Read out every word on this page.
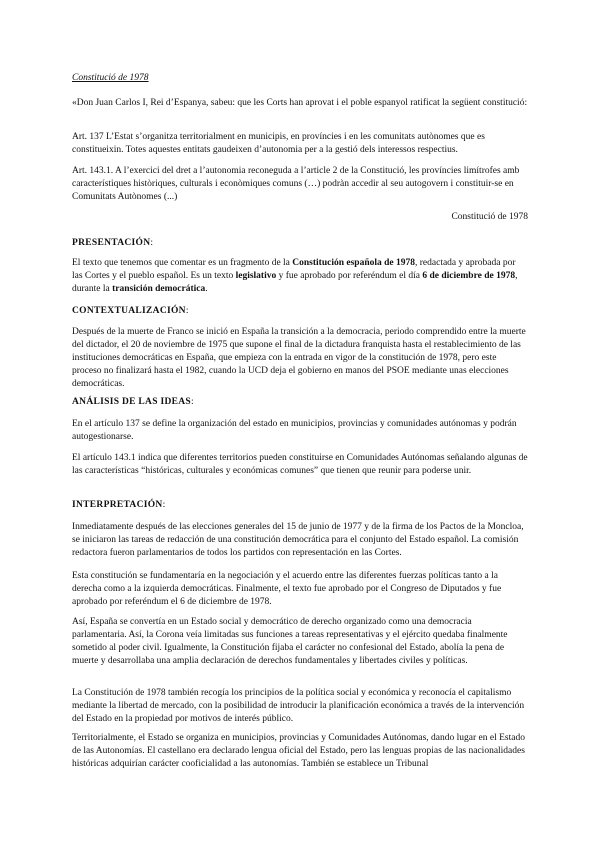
Constitució de 1978

«Don Juan Carlos I, Rei d’Espanya, sabeu: que les Corts han aprovat i el poble espanyol ratificat la següent constitució:

Art. 137 L’Estat s’organitza territorialment en municipis, en províncies i en les comunitats autònomes que es constitueixin. Totes aquestes entitats gaudeixen d’autonomia per a la gestió dels interessos respectius.

Art. 143.1. A l’exercici del dret a l’autonomia reconeguda a l’article 2 de la Constitució, les províncies limítrofes amb característiques històriques, culturals i econòmiques comuns (…) podràn accedir al seu autogovern i constituir-se en Comunitats Autònomes (...)

Constitució de 1978

PRESENTACIÓN:

El texto que tenemos que comentar es un fragmento de la Constitución española de 1978, redactada y aprobada por las Cortes y el pueblo español. Es un texto legislativo y fue aprobado por referéndum el día 6 de diciembre de 1978, durante la transición democrática.

CONTEXTUALIZACIÓN:

Después de la muerte de Franco se inició en España la transición a la democracia, periodo comprendido entre la muerte del dictador, el 20 de noviembre de 1975 que supone el final de la dictadura franquista hasta el restablecimiento de las instituciones democráticas en España, que empieza con la entrada en vigor de la constitución de 1978, pero este proceso no finalizará hasta el 1982, cuando la UCD deja el gobierno en manos del PSOE mediante unas elecciones democráticas.

ANÁLISIS DE LAS IDEAS:

En el artículo 137 se define la organización del estado en municipios, provincias y comunidades autónomas y podrán autogestionarse.

El artículo 143.1 indica que diferentes territorios pueden constituirse en Comunidades Autónomas señalando algunas de las características “históricas, culturales y económicas comunes” que tienen que reunir para poderse unir.

INTERPRETACIÓN:

Inmediatamente después de las elecciones generales del 15 de junio de 1977 y de la firma de los Pactos de la Moncloa, se iniciaron las tareas de redacción de una constitución democrática para el conjunto del Estado español. La comisión redactora fueron parlamentarios de todos los partidos con representación en las Cortes.

Esta constitución se fundamentaría en la negociación y el acuerdo entre las diferentes fuerzas políticas tanto a la derecha como a la izquierda democráticas. Finalmente, el texto fue aprobado por el Congreso de Diputados y fue aprobado por referéndum el 6 de diciembre de 1978.

Así, España se convertía en un Estado social y democrático de derecho organizado como una democracia parlamentaria. Así, la Corona veía limitadas sus funciones a tareas representativas y el ejército quedaba finalmente sometido al poder civil. Igualmente, la Constitución fijaba el carácter no confesional del Estado, abolía la pena de muerte y desarrollaba una amplia declaración de derechos fundamentales y libertades civiles y políticas.

La Constitución de 1978 también recogía los principios de la política social y económica y reconocía el capitalismo mediante la libertad de mercado, con la posibilidad de introducir la planificación económica a través de la intervención del Estado en la propiedad por motivos de interés público.

Territorialmente, el Estado se organiza en municipios, provincias y Comunidades Autónomas, dando lugar en el Estado de las Autonomías. El castellano era declarado lengua oficial del Estado, pero las lenguas propias de las nacionalidades históricas adquirían carácter cooficialidad a las autonomías. También se establece un Tribunal
